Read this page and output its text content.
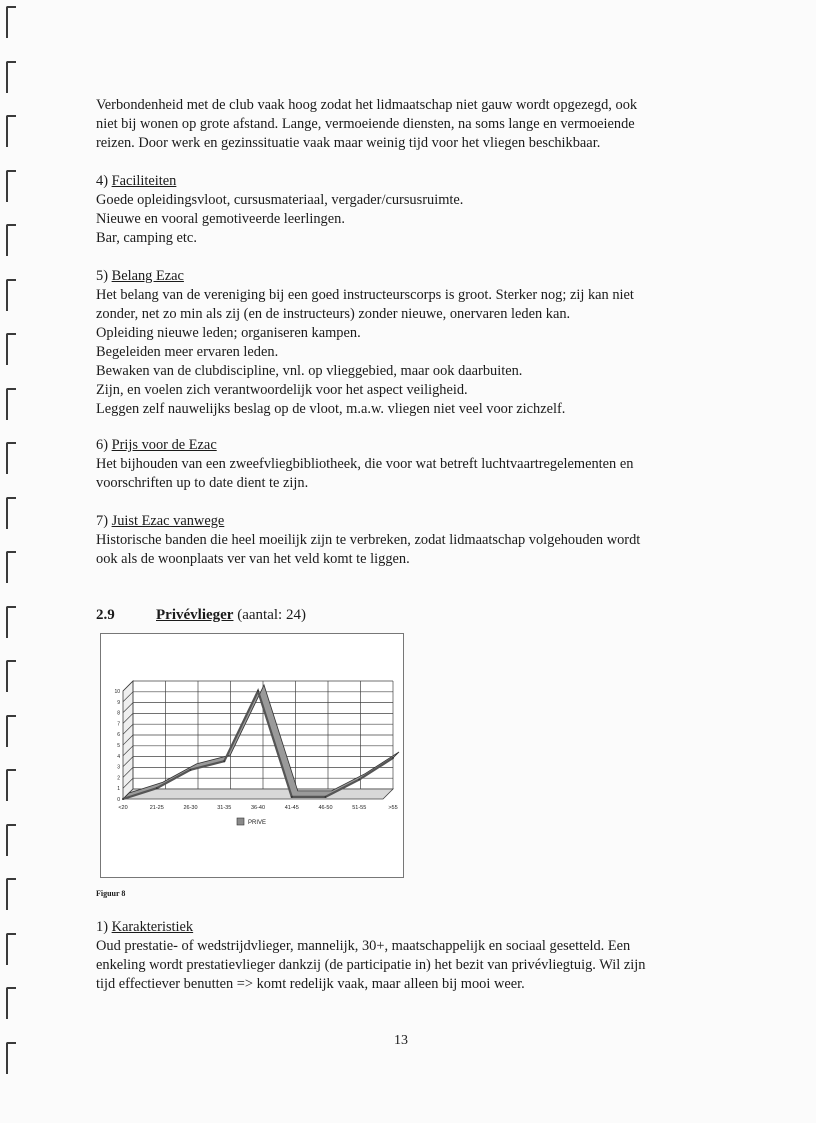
Verbondenheid met de club vaak hoog zodat het lidmaatschap niet gauw wordt opgezegd, ook

niet bij wonen op grote afstand. Lange, vermoeiende diensten, na soms lange en vermoeiende

reizen. Door werk en gezinssituatie vaak maar weinig tijd voor het vliegen beschikbaar.

4) Faciliteiten

Goede opleidingsvloot, cursusmateriaal, vergader/cursusruimte.

Nieuwe en vooral gemotiveerde leerlingen.

Bar, camping etc.

5) Belang Ezac

Het belang van de vereniging bij een goed instructeurscorps is groot. Sterker nog; zij kan niet

zonder, net zo min als zij (en de instructeurs) zonder nieuwe, onervaren leden kan.

Opleiding nieuwe leden; organiseren kampen.

Begeleiden meer ervaren leden.

Bewaken van de clubdiscipline, vnl. op vlieggebied, maar ook daarbuiten.

Zijn, en voelen zich verantwoordelijk voor het aspect veiligheid.

Leggen zelf nauwelijks beslag op de vloot, m.a.w. vliegen niet veel voor zichzelf.

6) Prijs voor de Ezac

Het bijhouden van een zweefvliegbibliotheek, die voor wat betreft luchtvaartregelementen en

voorschriften up to date dient te zijn.

7) Juist Ezac vanwege

Historische banden die heel moeilijk zijn te verbreken, zodat lidmaatschap volgehouden wordt

ook als de woonplaats ver van het veld komt te liggen.

2.9	Privévlieger (aantal: 24)
0
1
2
3
4
5
6
7
8
9
10
<20	21-25	26-30	31-35	36-40	41-45	46-50	51-55	>55
PRIVE
Figuur 8

1) Karakteristiek

Oud prestatie- of wedstrijdvlieger, mannelijk, 30+, maatschappelijk en sociaal gesetteld. Een

enkeling wordt prestatievlieger dankzij (de participatie in) het bezit van privévliegtuig. Wil zijn

tijd effectiever benutten => komt redelijk vaak, maar alleen bij mooi weer.

13
